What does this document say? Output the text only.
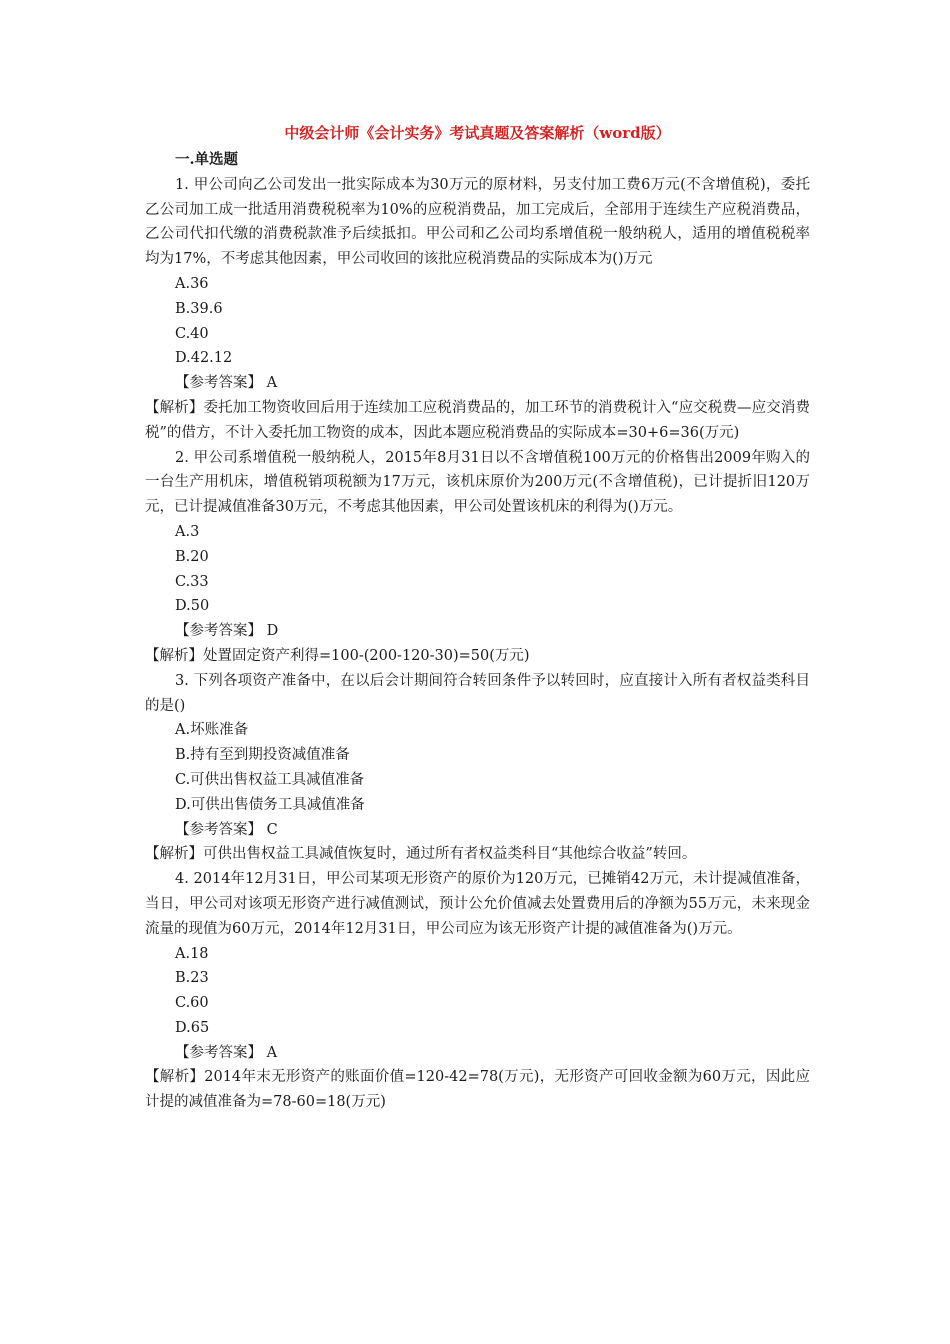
中级会计师《会计实务》考试真题及答案解析（word版）
一.单选题
1. 甲公司向乙公司发出一批实际成本为30万元的原材料，另支付加工费6万元(不含增值税)，委托乙公司加工成一批适用消费税税率为10%的应税消费品，加工完成后，全部用于连续生产应税消费品，乙公司代扣代缴的消费税款准予后续抵扣。甲公司和乙公司均系增值税一般纳税人，适用的增值税税率均为17%，不考虑其他因素，甲公司收回的该批应税消费品的实际成本为()万元
A.36
B.39.6
C.40
D.42.12
【参考答案】 A
【解析】委托加工物资收回后用于连续加工应税消费品的，加工环节的消费税计入“应交税费—应交消费税”的借方，不计入委托加工物资的成本，因此本题应税消费品的实际成本=30+6=36(万元)
2. 甲公司系增值税一般纳税人，2015年8月31日以不含增值税100万元的价格售出2009年购入的一台生产用机床，增值税销项税额为17万元，该机床原价为200万元(不含增值税)，已计提折旧120万元，已计提减值准备30万元，不考虑其他因素，甲公司处置该机床的利得为()万元。
A.3
B.20
C.33
D.50
【参考答案】 D
【解析】处置固定资产利得=100-(200-120-30)=50(万元)
3. 下列各项资产准备中，在以后会计期间符合转回条件予以转回时，应直接计入所有者权益类科目的是()
A.坏账准备
B.持有至到期投资减值准备
C.可供出售权益工具减值准备
D.可供出售债务工具减值准备
【参考答案】 C
【解析】可供出售权益工具减值恢复时，通过所有者权益类科目“其他综合收益”转回。
4. 2014年12月31日，甲公司某项无形资产的原价为120万元，已摊销42万元，未计提减值准备，当日，甲公司对该项无形资产进行减值测试，预计公允价值减去处置费用后的净额为55万元，未来现金流量的现值为60万元，2014年12月31日，甲公司应为该无形资产计提的减值准备为()万元。
A.18
B.23
C.60
D.65
【参考答案】 A
【解析】2014年末无形资产的账面价值=120-42=78(万元)，无形资产可回收金额为60万元，因此应计提的减值准备为=78-60=18(万元)
